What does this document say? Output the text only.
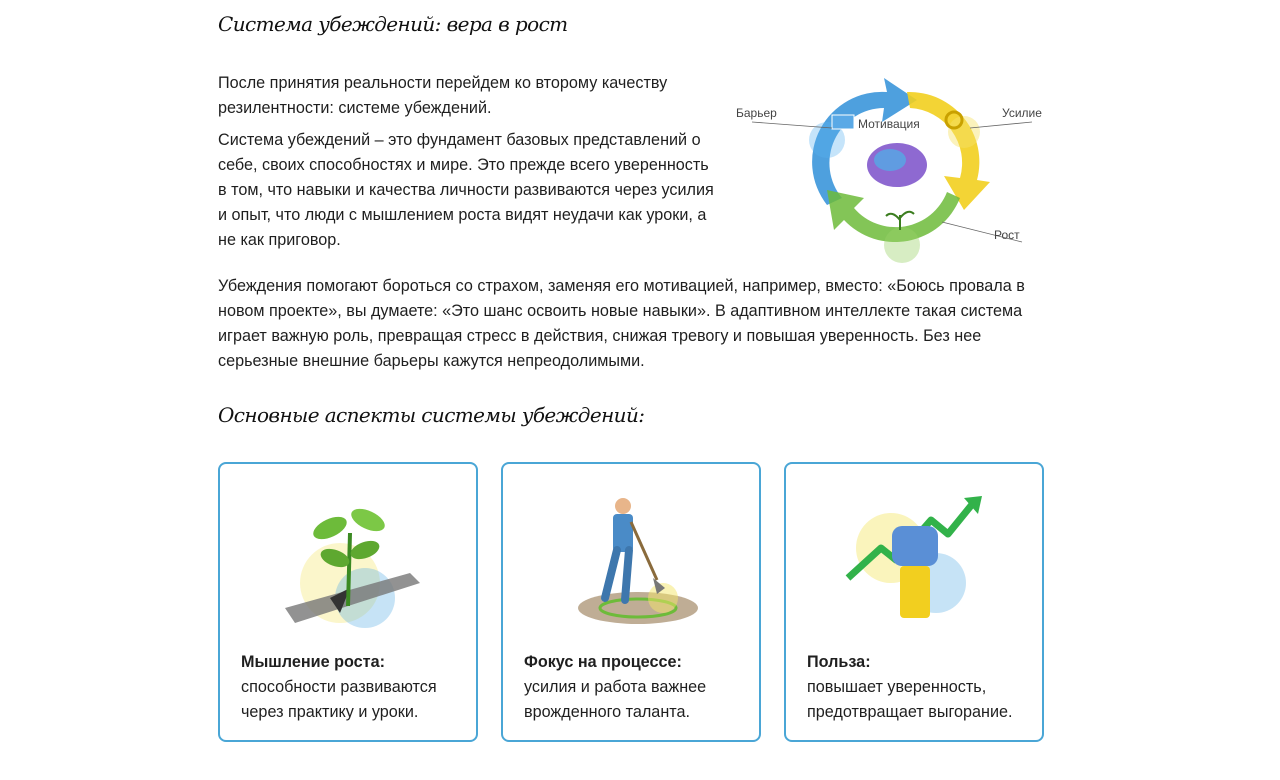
Система убеждений: вера в рост

После принятия реальности перейдем ко второму качеству резилентности: системе убеждений.

Система убеждений – это фундамент базовых представлений о себе, своих способностях и мире. Это прежде всего уверенность в том, что навыки и качества личности развиваются через усилия и опыт, что люди с мышлением роста видят неудачи как уроки, а не как приговор.

Барьер	Усилие
Рост
Мотивация

Убеждения помогают бороться со страхом, заменяя его мотивацией, например, вместо: «Боюсь провала в новом проекте», вы думаете: «Это шанс освоить новые навыки». В адаптивном интеллекте такая система играет важную роль, превращая стресс в действия, снижая тревогу и повышая уверенность. Без нее серьезные внешние барьеры кажутся непреодолимыми.

Основные аспекты системы убеждений:
Мышление роста:
способности развиваются через практику и уроки.
Фокус на процессе:
усилия и работа важнее врожденного таланта.
Польза:
повышает уверенность, предотвращает выгорание.
